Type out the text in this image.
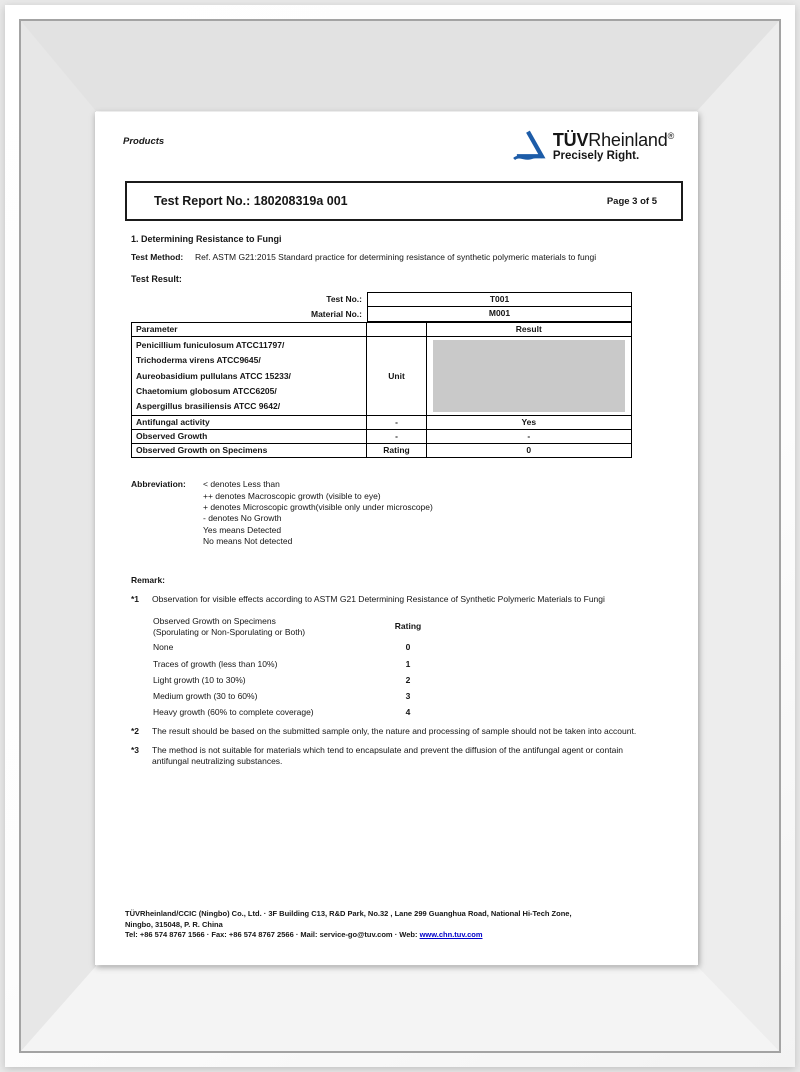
Products	TÜVRheinland®
Precisely Right.
Test Report No.: 180208319a 001	Page 3 of 5
1. Determining Resistance to Fungi
Test Method:	Ref. ASTM G21:2015 Standard practice for determining resistance of synthetic polymeric materials to fungi
Test Result:
Test No.:	T001
Material No.:	M001
Parameter		Result

Penicillium funiculosum ATCC11797/
Trichoderma virens ATCC9645/
Aureobasidium pullulans ATCC 15233/
Chaetomium globosum ATCC6205/
Aspergillus brasiliensis ATCC 9642/	Unit	

Antifungal activity	-	Yes
Observed Growth	-	-
Observed Growth on Specimens	Rating	0
Abbreviation:	< denotes Less than
++ denotes Macroscopic growth (visible to eye)
+ denotes Microscopic growth(visible only under microscope)
- denotes No Growth
Yes means Detected
No means Not detected
Remark:
*1	Observation for visible effects according to ASTM G21 Determining Resistance of Synthetic Polymeric Materials to Fungi
Observed Growth on Specimens
(Sporulating or Non-Sporulating or Both)
Rating
None	0
Traces of growth (less than 10%)	1
Light growth (10 to 30%)	2
Medium growth (30 to 60%)	3
Heavy growth (60% to complete coverage)	4
*2	The result should be based on the submitted sample only, the nature and processing of sample should not be taken into account.
*3	The method is not suitable for materials which tend to encapsulate and prevent the diffusion of the antifungal agent or contain antifungal neutralizing substances.
TÜVRheinland/CCIC (Ningbo) Co., Ltd. · 3F Building C13, R&D Park, No.32 , Lane 299 Guanghua Road, National Hi-Tech Zone,
Ningbo, 315048, P. R. China
Tel: +86 574 8767 1566 · Fax: +86 574 8767 2566 · Mail: service-go@tuv.com · Web: www.chn.tuv.com
